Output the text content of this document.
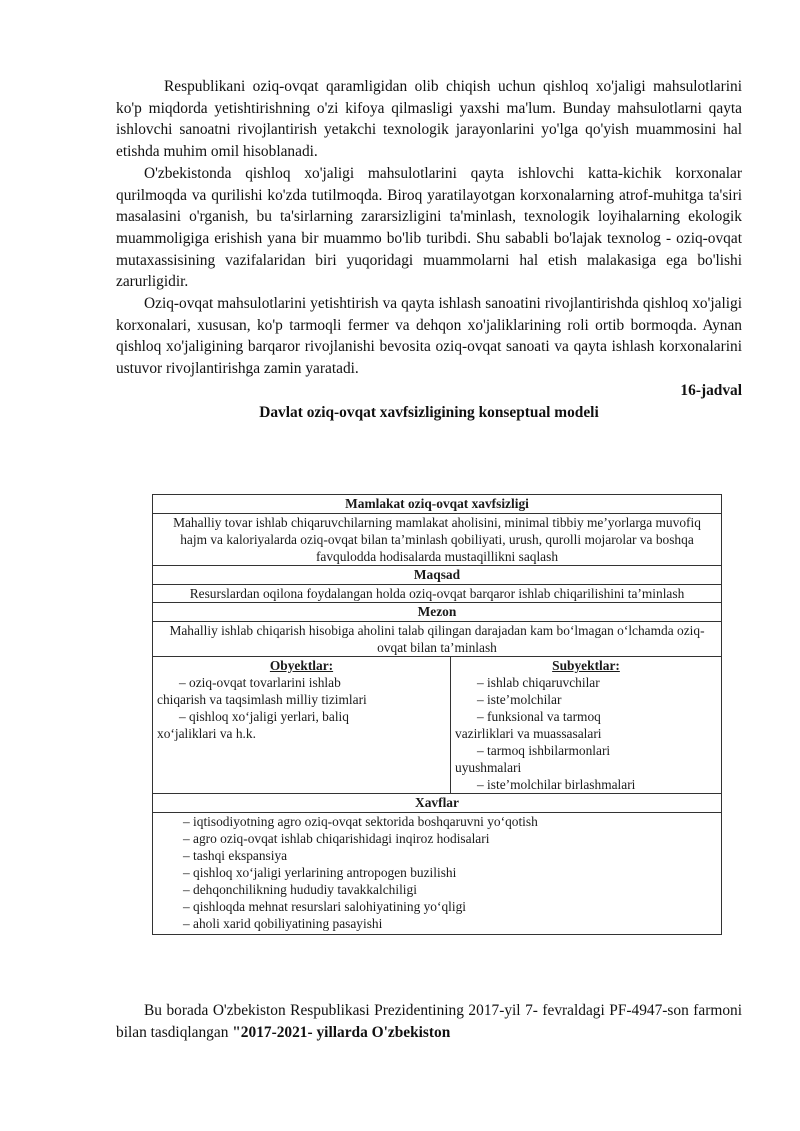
Respublikani oziq-ovqat qaramligidan olib chiqish uchun qishloq xo'jaligi mahsulotlarini ko'p miqdorda yetishtirishning o'zi kifoya qilmasligi yaxshi ma'lum. Bunday mahsulotlarni qayta ishlovchi sanoatni rivojlantirish yetakchi texnologik jarayonlarini yo'lga qo'yish muammosini hal etishda muhim omil hisoblanadi.

O'zbekistonda qishloq xo'jaligi mahsulotlarini qayta ishlovchi katta-kichik korxonalar qurilmoqda va qurilishi ko'zda tutilmoqda. Biroq yaratilayotgan korxonalarning atrof-muhitga ta'siri masalasini o'rganish, bu ta'sirlarning zararsizligini ta'minlash, texnologik loyihalarning ekologik muammoligiga erishish yana bir muammo bo'lib turibdi. Shu sababli bo'lajak texnolog - oziq-ovqat mutaxassisining vazifalaridan biri yuqoridagi muammolarni hal etish malakasiga ega bo'lishi zarurligidir.

Oziq-ovqat mahsulotlarini yetishtirish va qayta ishlash sanoatini rivojlantirishda qishloq xo'jaligi korxonalari, xususan, ko'p tarmoqli fermer va dehqon xo'jaliklarining roli ortib bormoqda. Aynan qishloq xo'jaligining barqaror rivojlanishi bevosita oziq-ovqat sanoati va qayta ishlash korxonalarini ustuvor rivojlantirishga zamin yaratadi.

16-jadval

Davlat oziq-ovqat xavfsizligining konseptual modeli

Mamlakat oziq-ovqat xavfsizligi
Mahalliy tovar ishlab chiqaruvchilarning mamlakat aholisini, minimal tibbiy me’yorlarga muvofiq hajm va kaloriyalarda oziq-ovqat bilan ta’minlash qobiliyati, urush, qurolli mojarolar va boshqa favqulodda hodisalarda mustaqillikni saqlash
Maqsad
Resurslardan oqilona foydalangan holda oziq-ovqat barqaror ishlab chiqarilishini ta’minlash
Mezon
Mahalliy ishlab chiqarish hisobiga aholini talab qilingan darajadan kam bo‘lmagan o‘lchamda oziq-ovqat bilan ta’minlash
Obyektlar:
– oziq-ovqat tovarlarini ishlab
chiqarish va taqsimlash milliy tizimlari
– qishloq xo‘jaligi yerlari, baliq
xo‘jaliklari va h.k.
Subyektlar:
– ishlab chiqaruvchilar
– iste’molchilar
– funksional va tarmoq
vazirliklari va muassasalari
– tarmoq ishbilarmonlari
uyushmalari
– iste’molchilar birlashmalari
Xavflar
– iqtisodiyotning agro oziq-ovqat sektorida boshqaruvni yo‘qotish
– agro oziq-ovqat ishlab chiqarishidagi inqiroz hodisalari
– tashqi ekspansiya
– qishloq xo‘jaligi yerlarining antropogen buzilishi
– dehqonchilikning hududiy tavakkalchiligi
– qishloqda mehnat resurslari salohiyatining yo‘qligi
– aholi xarid qobiliyatining pasayishi

Bu borada O'zbekiston Respublikasi Prezidentining 2017-yil 7- fevraldagi PF-4947-son farmoni bilan tasdiqlangan "2017-2021- yillarda O'zbekiston
